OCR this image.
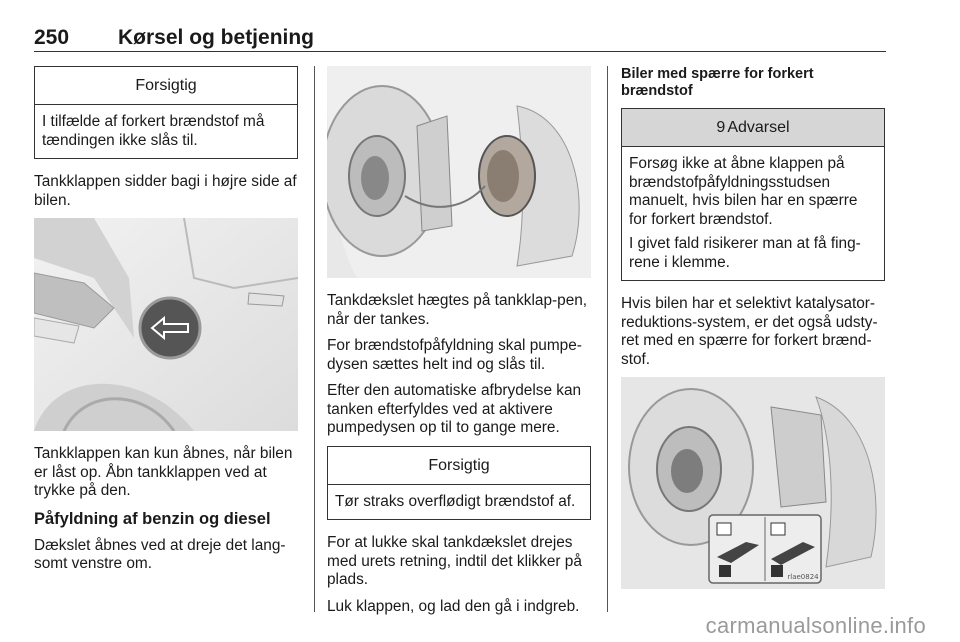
250 Kørsel og betjening
Forsigtig

I tilfælde af forkert brændstof må tændingen ikke slås til.

Tankklappen sidder bagi i højre side af bilen.

Tankklappen kan kun åbnes, når bilen er låst op. Åbn tankklappen ved at trykke på den.

Påfyldning af benzin og diesel

Dækslet åbnes ved at dreje det lang-somt venstre om.

Tankdækslet hægtes på tankklap-pen, når der tankes.

For brændstofpåfyldning skal pumpe-dysen sættes helt ind og slås til.

Efter den automatiske afbrydelse kan tanken efterfyldes ved at aktivere pumpedysen op til to gange mere.

Forsigtig

Tør straks overflødigt brændstof af.

For at lukke skal tankdækslet drejes med urets retning, indtil det klikker på plads.

Luk klappen, og lad den gå i indgreb.

Biler med spærre for forkert brændstof

9 Advarsel

Forsøg ikke at åbne klappen på brændstofpåfyldningsstudsen manuelt, hvis bilen har en spærre for forkert brændstof.

I givet fald risikerer man at få fing-rene i klemme.

Hvis bilen har et selektivt katalysator-reduktions-system, er det også udsty-ret med en spærre for forkert brænd-stof.

rlae0824
carmanualsonline.info
